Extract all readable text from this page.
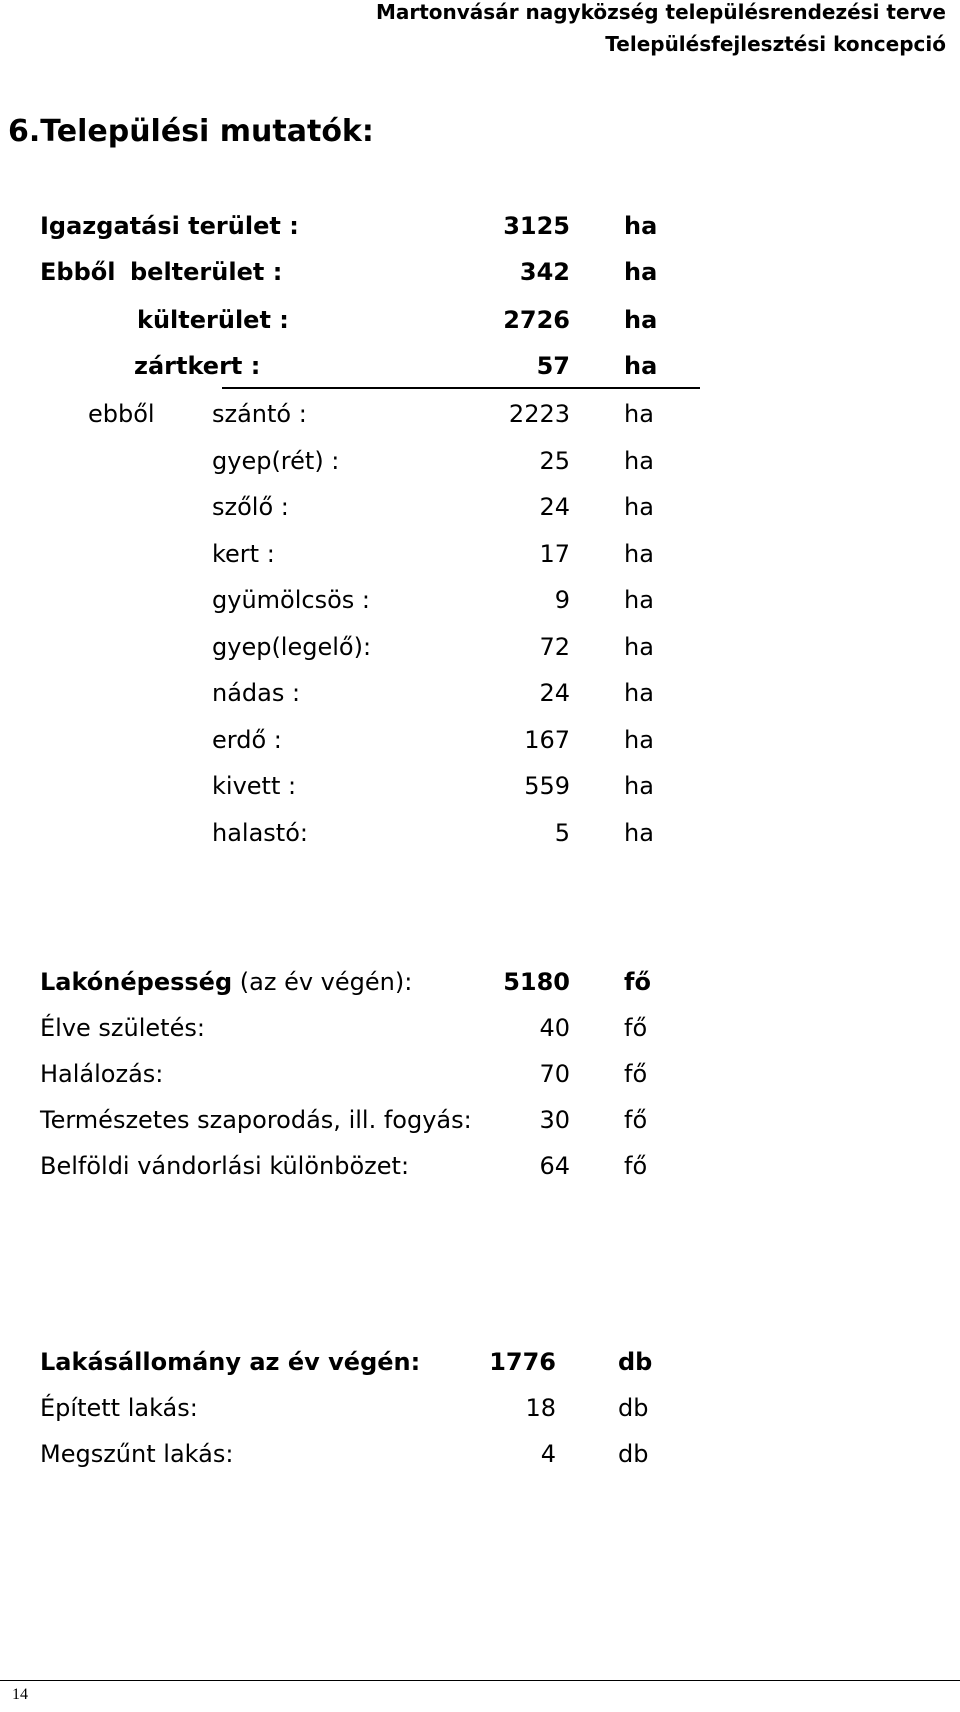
Martonvásár nagyközség településrendezési terve
Településfejlesztési koncepció
6.Települési mutatók:
Igazgatási terület :	3125 ha
Ebből belterület :	342 ha
külterület :	2726 ha
zártkert :	57 ha
ebből szántó :	2223 ha
gyep(rét) :	25 ha
szőlő :	24 ha
kert :	17 ha
gyümölcsös :	9 ha
gyep(legelő):	72 ha
nádas :	24 ha
erdő :	167 ha
kivett :	559 ha
halastó:	5 ha
Lakónépesség (az év végén):	5180 fő
Élve születés:	40 fő
Halálozás:	70 fő
Természetes szaporodás, ill. fogyás:	30 fő
Belföldi vándorlási különbözet:	64 fő
Lakásállomány az év végén:	1776	db
Épített lakás:	18	db
Megszűnt lakás:	4	db
14
